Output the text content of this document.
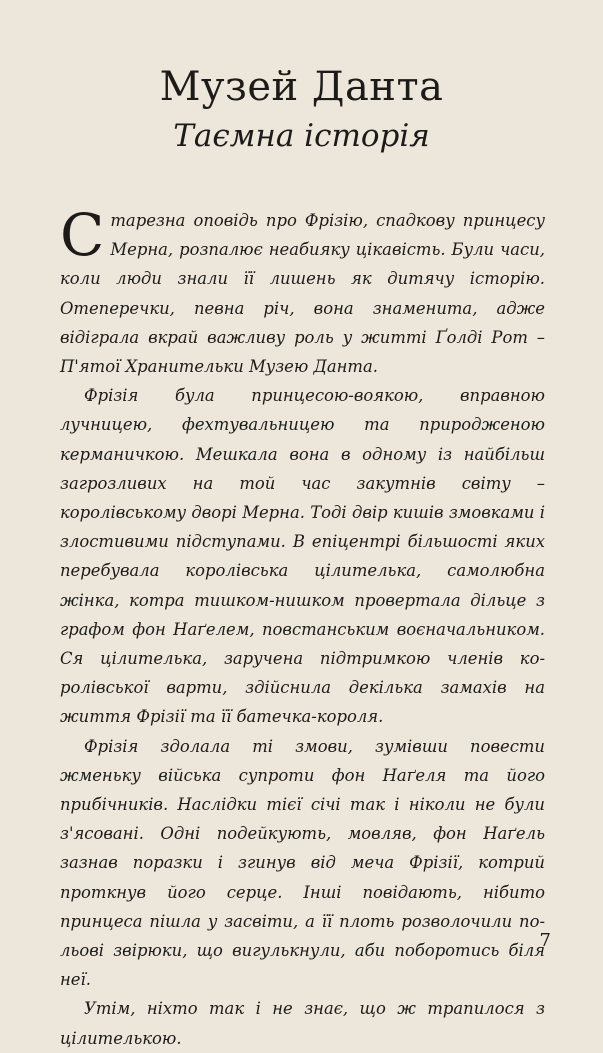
Музей Данта
Таємна історія

Старезна оповідь про Фрізію, спадкову принцесу Мерна, розпалює неабияку цікавість. Були часи, коли люди знали її лишень як дитячу історію. Отеперечки, певна річ, вона знаменита, адже відіграла вкрай важливу роль у житті Ґолді Рот – П'ятої Хранительки Музею Данта.

Фрізія була принцесою-воякою, вправною лучницею, фехтувальницею та природженою керманичкою. Мешкала вона в одному із найбільш загрозливих на той час закутнів світу – королівському дворі Мерна. Тоді двір кишів змовками і злостивими підступами. В епіцентрі більшості яких перебувала королівська цілителька, самолюбна жінка, котра тишком-нишком провертала дільце з графом фон Наґелем, повстанським воєначальником. Ся цілителька, заручена підтримкою членів королівської варти, здійснила декілька замахів на життя Фрізії та її батечка-короля.

Фрізія здолала ті змови, зумівши повести жменьку війська супроти фон Наґеля та його прибічників. Наслідки тієї січі так і ніколи не були з'ясовані. Одні подейкують, мовляв, фон Наґель зазнав поразки і згинув від меча Фрізії, котрий проткнув його серце. Інші повідають, нібито принцеса пішла у засвіти, а її плоть розволочили польові звірюки, що вигулькнули, аби поборотись біля неї.

Утім, ніхто так і не знає, що ж трапилося з цілителькою.

7
